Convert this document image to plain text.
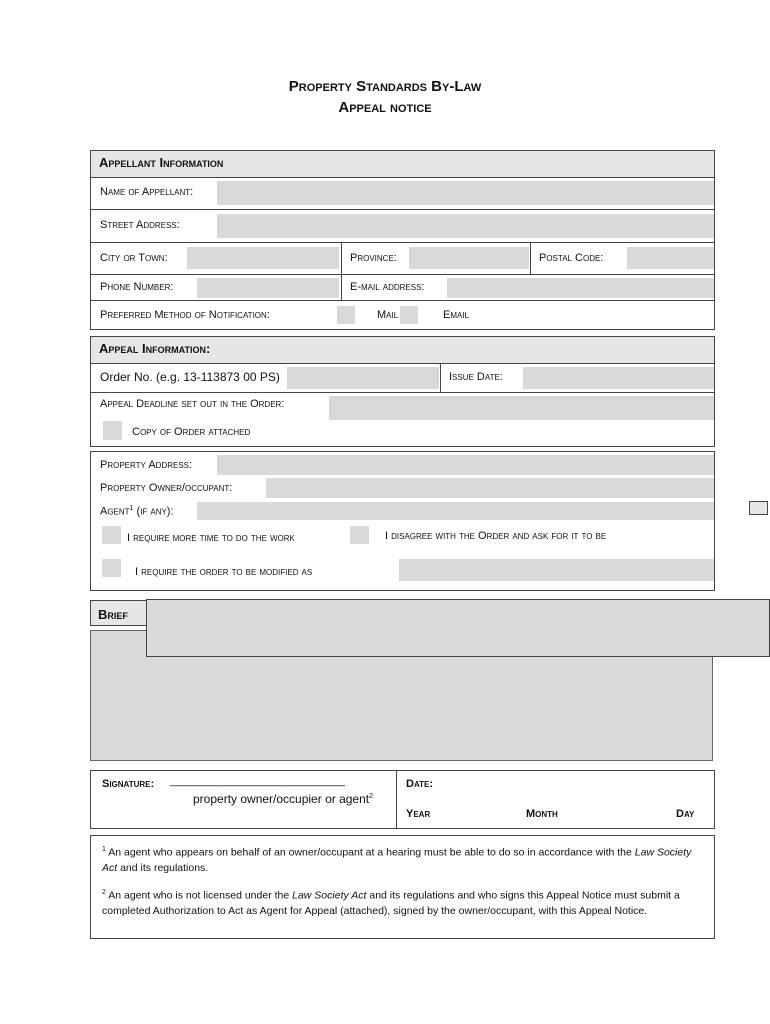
Property Standards By-Law
Appeal notice
Appellant Information
Name of Appellant:
Street Address:
City or Town:	Province:	Postal Code:
Phone Number:	E-mail address:
Preferred Method of Notification:	Mail	Email
Appeal Information:
Order No. (e.g. 13-113873 00 PS)	Issue Date:
Appeal Deadline set out in the Order:
Copy of Order attached
Property Address:
Property Owner/occupant:
Agent$^1$ (if any):
I require more time to do the work	I disagree with the Order and ask for it to be
I require the order to be modified as
Brief
Signature: ______________________________
property owner/occupier or agent$^2$
Date:
Year	Month	Day
$^1$ An agent who appears on behalf of an owner/occupant at a hearing must be able to do so in accordance with the Law Society Act and its regulations.
$^2$ An agent who is not licensed under the Law Society Act and its regulations and who signs this Appeal Notice must submit a completed Authorization to Act as Agent for Appeal (attached), signed by the owner/occupant, with this Appeal Notice.
